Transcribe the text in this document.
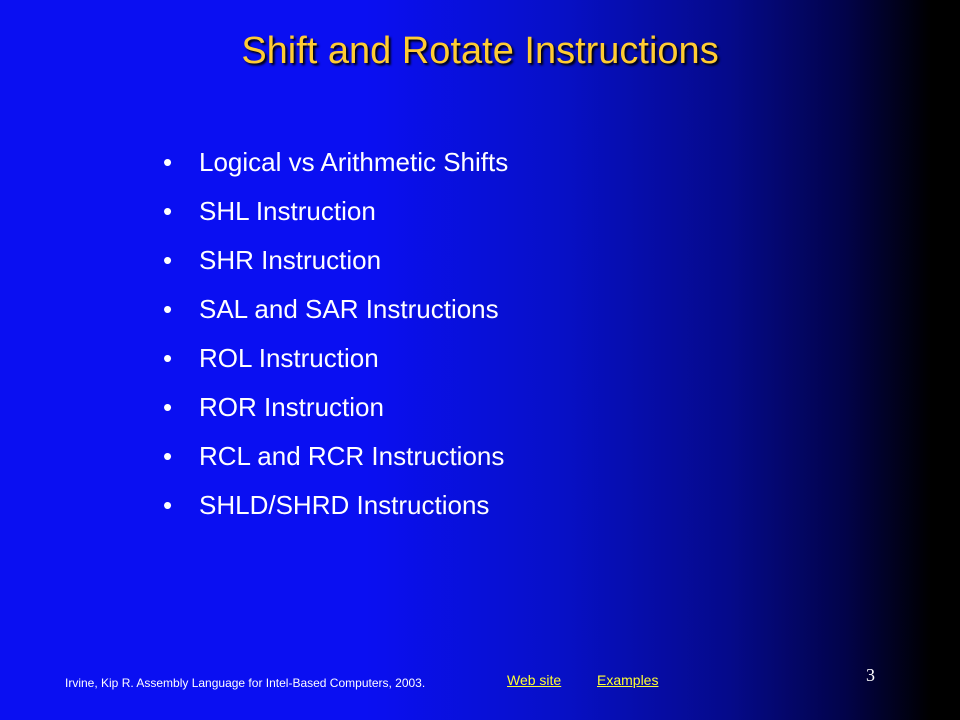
Shift and Rotate Instructions
• Logical vs Arithmetic Shifts
• SHL Instruction
• SHR Instruction
• SAL and SAR Instructions
• ROL Instruction
• ROR Instruction
• RCL and RCR Instructions
• SHLD/SHRD Instructions
Irvine, Kip R. Assembly Language for Intel-Based Computers, 2003.	Web site	Examples	3
